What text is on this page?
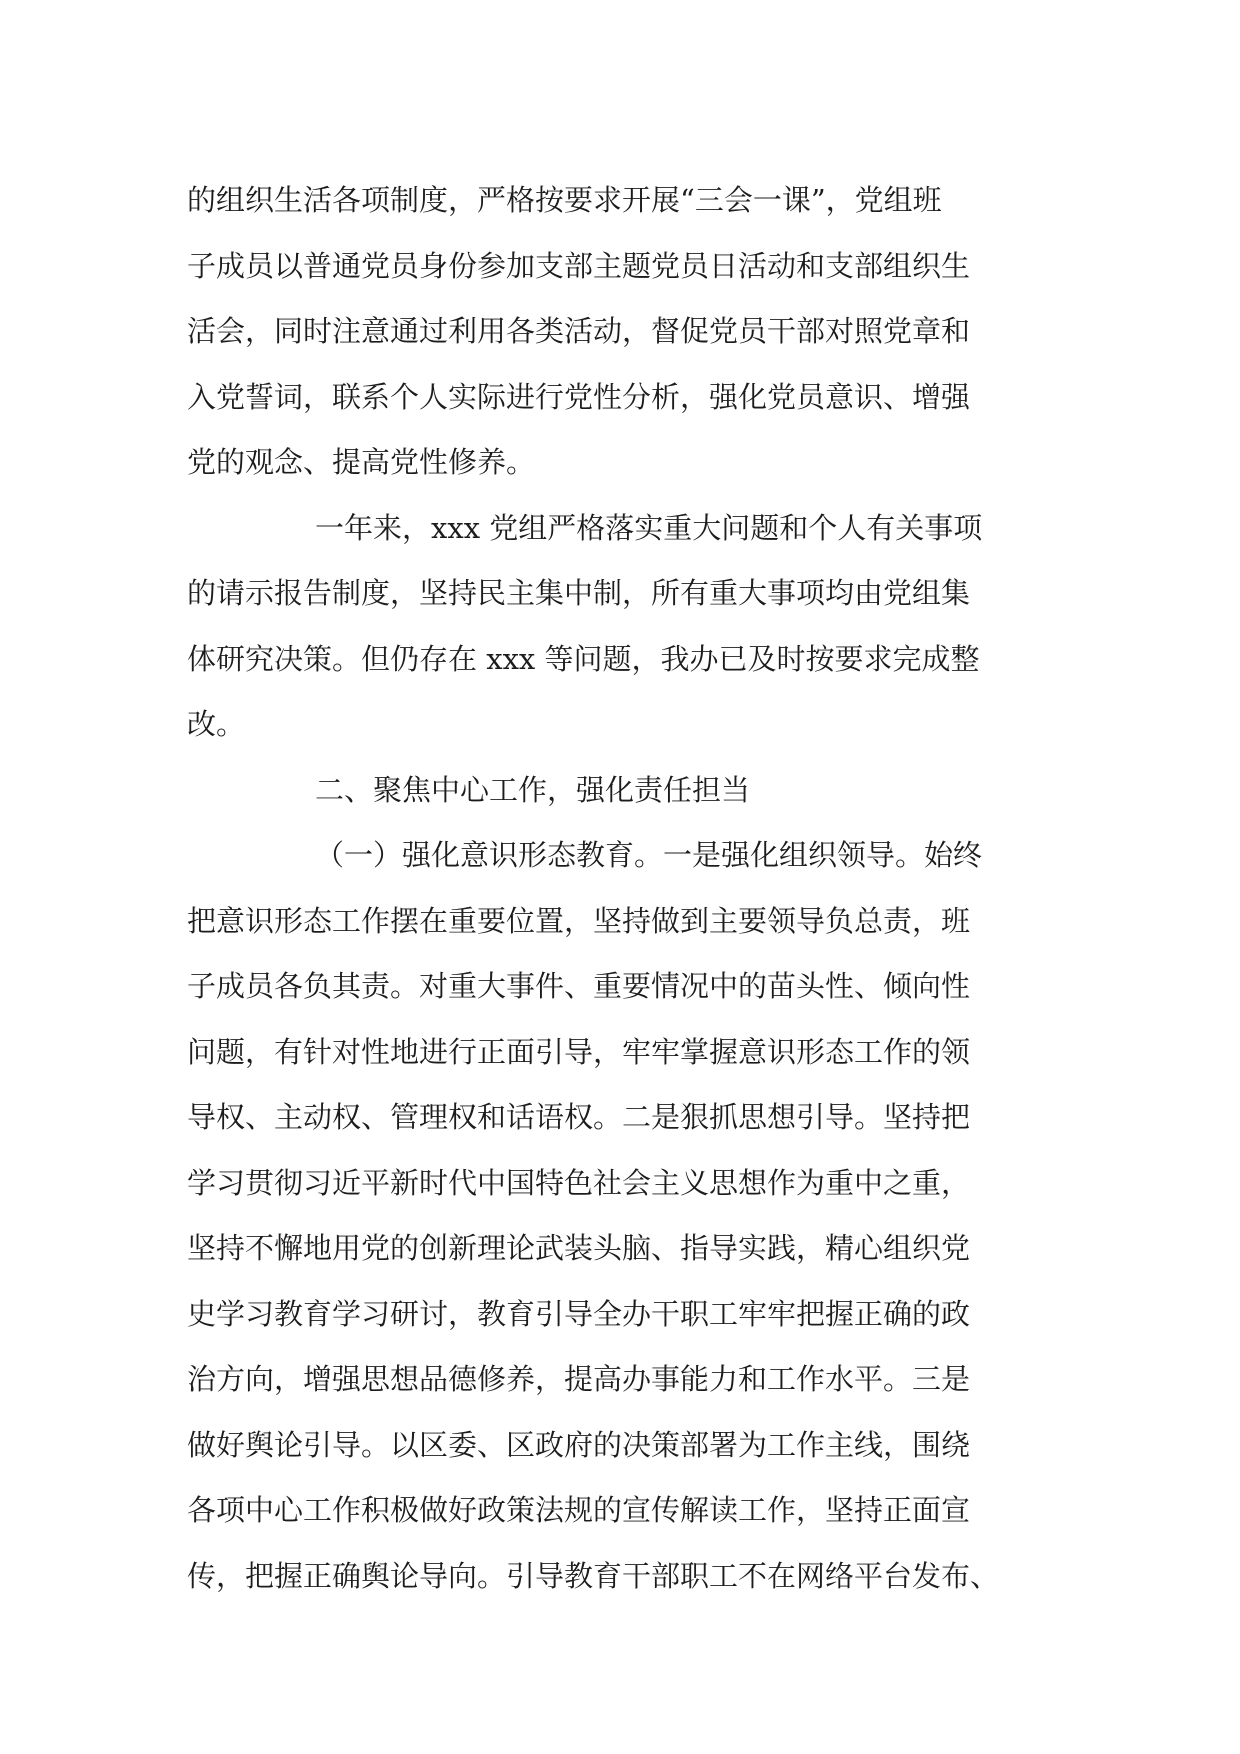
的组织生活各项制度，严格按要求开展“三会一课”，党组班
子成员以普通党员身份参加支部主题党员日活动和支部组织生
活会，同时注意通过利用各类活动，督促党员干部对照党章和
入党誓词，联系个人实际进行党性分析，强化党员意识、增强
党的观念、提高党性修养。
一年来，xxx 党组严格落实重大问题和个人有关事项
的请示报告制度，坚持民主集中制，所有重大事项均由党组集
体研究决策。但仍存在 xxx 等问题，我办已及时按要求完成整
改。
二、聚焦中心工作，强化责任担当
（一）强化意识形态教育。一是强化组织领导。始终
把意识形态工作摆在重要位置，坚持做到主要领导负总责，班
子成员各负其责。对重大事件、重要情况中的苗头性、倾向性
问题，有针对性地进行正面引导，牢牢掌握意识形态工作的领
导权、主动权、管理权和话语权。二是狠抓思想引导。坚持把
学习贯彻习近平新时代中国特色社会主义思想作为重中之重，
坚持不懈地用党的创新理论武装头脑、指导实践，精心组织党
史学习教育学习研讨，教育引导全办干职工牢牢把握正确的政
治方向，增强思想品德修养，提高办事能力和工作水平。三是
做好舆论引导。以区委、区政府的决策部署为工作主线，围绕
各项中心工作积极做好政策法规的宣传解读工作，坚持正面宣
传，把握正确舆论导向。引导教育干部职工不在网络平台发布、
